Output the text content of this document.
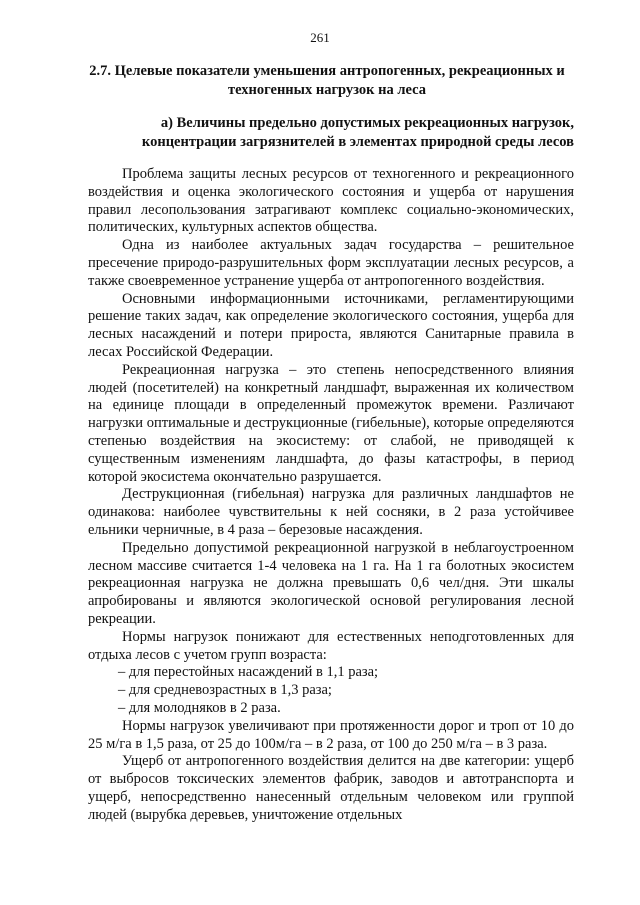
261
2.7. Целевые показатели уменьшения антропогенных, рекреационных и техногенных нагрузок на леса
а) Величины предельно допустимых рекреационных нагрузок, концентрации загрязнителей в элементах природной среды лесов

Проблема защиты лесных ресурсов от техногенного и рекреационного воздействия и оценка экологического состояния и ущерба от нарушения правил лесопользования затрагивают комплекс социально-экономических, политических, культурных аспектов общества.

Одна из наиболее актуальных задач государства – решительное пресечение природо-разрушительных форм эксплуатации лесных ресурсов, а также своевременное устранение ущерба от антропогенного воздействия.

Основными информационными источниками, регламентирующими решение таких задач, как определение экологического состояния, ущерба для лесных насаждений и потери прироста, являются Санитарные правила в лесах Российской Федерации.

Рекреационная нагрузка – это степень непосредственного влияния людей (посетителей) на конкретный ландшафт, выраженная их количеством на единице площади в определенный промежуток времени. Различают нагрузки оптимальные и деструкционные (гибельные), которые определяются степенью воздействия на экосистему: от слабой, не приводящей к существенным изменениям ландшафта, до фазы катастрофы, в период которой экосистема окончательно разрушается.

Деструкционная (гибельная) нагрузка для различных ландшафтов не одинакова: наиболее чувствительны к ней сосняки, в 2 раза устойчивее ельники черничные, в 4 раза – березовые насаждения.

Предельно допустимой рекреационной нагрузкой в неблагоустроенном лесном массиве считается 1-4 человека на 1 га. На 1 га болотных экосистем рекреационная нагрузка не должна превышать 0,6 чел/дня. Эти шкалы апробированы и являются экологической основой регулирования лесной рекреации.

Нормы нагрузок понижают для естественных неподготовленных для отдыха лесов с учетом групп возраста:

– для перестойных насаждений в 1,1 раза;

– для средневозрастных в 1,3 раза;

– для молодняков в 2 раза.

Нормы нагрузок увеличивают при протяженности дорог и троп от 10 до 25 м/га в 1,5 раза, от 25 до 100м/га – в 2 раза, от 100 до 250 м/га – в 3 раза.

Ущерб от антропогенного воздействия делится на две категории: ущерб от выбросов токсических элементов фабрик, заводов и автотранспорта и ущерб, непосредственно нанесенный отдельным человеком или группой людей (вырубка деревьев, уничтожение отдельных
